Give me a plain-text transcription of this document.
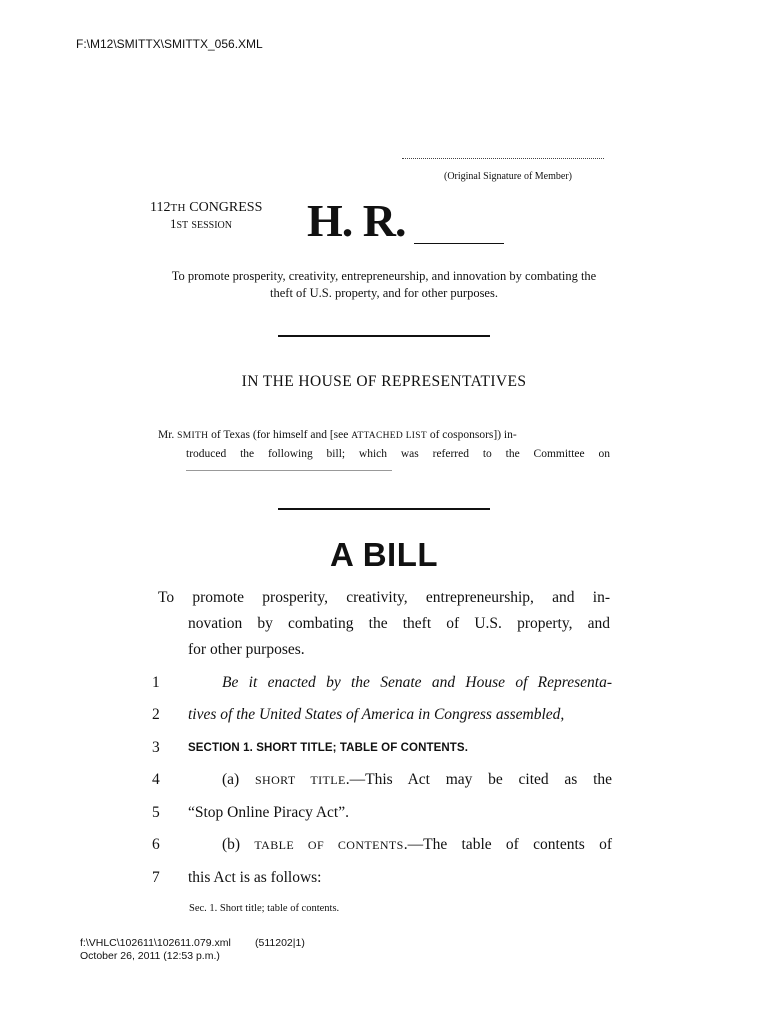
F:\M12\SMITTX\SMITTX_056.XML
(Original Signature of Member)
112TH CONGRESS
1ST SESSION H. R.
To promote prosperity, creativity, entrepreneurship, and innovation by combating the theft of U.S. property, and for other purposes.
IN THE HOUSE OF REPRESENTATIVES
Mr. SMITH of Texas (for himself and [see ATTACHED LIST of cosponsors]) in-
troduced the following bill; which was referred to the Committee on
A BILL
To promote prosperity, creativity, entrepreneurship, and in-
novation by combating the theft of U.S. property, and
for other purposes.
1	Be it enacted by the Senate and House of Representa-
2	tives of the United States of America in Congress assembled,
3	SECTION 1. SHORT TITLE; TABLE OF CONTENTS.
4	(a) SHORT TITLE.—This Act may be cited as the
5	“Stop Online Piracy Act”.
6	(b) TABLE OF CONTENTS.—The table of contents of
7	this Act is as follows:
Sec. 1. Short title; table of contents.
f:\VHLC\102611\102611.079.xml (511202|1)
October 26, 2011 (12:53 p.m.)
